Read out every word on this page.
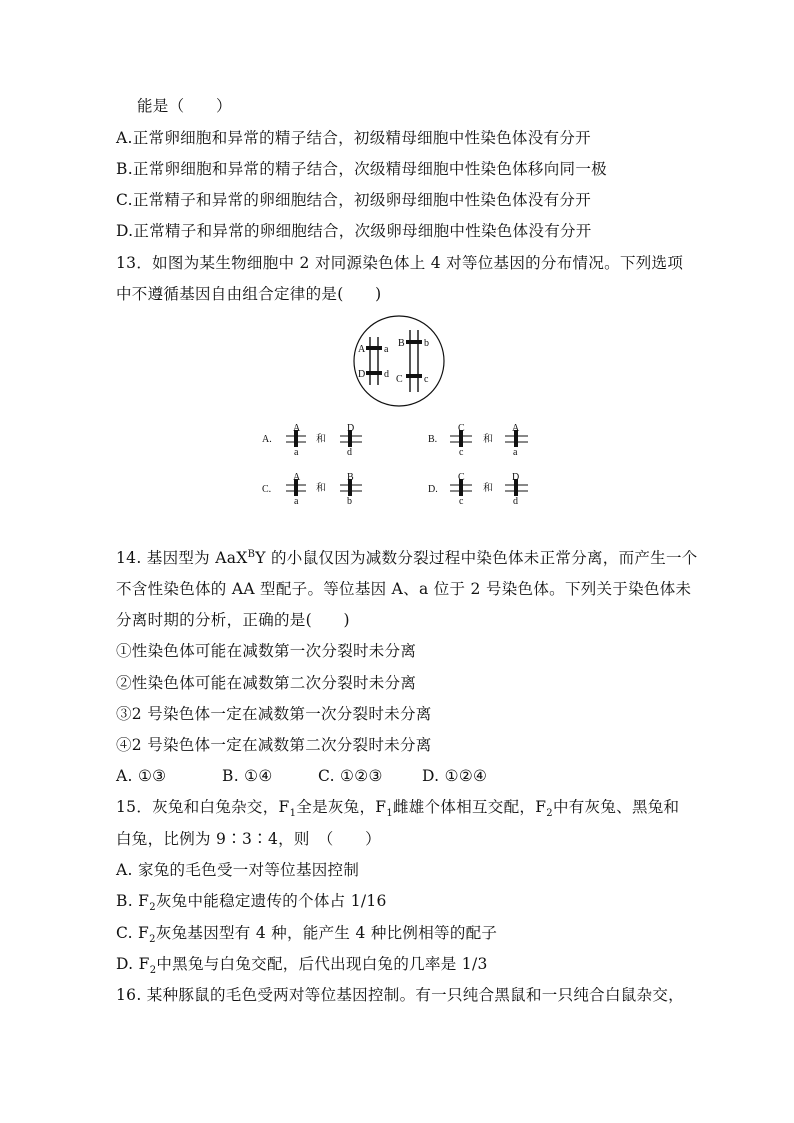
能是（　　）
A.正常卵细胞和异常的精子结合，初级精母细胞中性染色体没有分开
B.正常卵细胞和异常的精子结合，次级精母细胞中性染色体移向同一极
C.正常精子和异常的卵细胞结合，初级卵母细胞中性染色体没有分开
D.正常精子和异常的卵细胞结合，次级卵母细胞中性染色体没有分开
13．如图为某生物细胞中 2 对同源染色体上 4 对等位基因的分布情况。下列选项
中不遵循基因自由组合定律的是(　　)
A a
D d
B b
C c
A.
A
a
和
D
d
B.
C
c
和
A
a
C.
A
a
和
B
b
D.
C
c
和
D
d
14. 基因型为 AaX$^B$Y 的小鼠仅因为减数分裂过程中染色体未正常分离，而产生一个
不含性染色体的 AA 型配子。等位基因 A、a 位于 2 号染色体。下列关于染色体未
分离时期的分析，正确的是(　　)
①性染色体可能在减数第一次分裂时未分离
②性染色体可能在减数第二次分裂时未分离
③2 号染色体一定在减数第一次分裂时未分离
④2 号染色体一定在减数第二次分裂时未分离
A. ①③	B. ①④	C. ①②③	D. ①②④
15．灰兔和白兔杂交，$F_1$全是灰兔，$F_1$雌雄个体相互交配，$F_2$中有灰兔、黑兔和
白兔，比例为 9∶3∶4，则　（　　）
A. 家兔的毛色受一对等位基因控制
B. $F_2$灰兔中能稳定遗传的个体占 1/16
C. $F_2$灰兔基因型有 4 种，能产生 4 种比例相等的配子
D. $F_2$中黑兔与白兔交配，后代出现白兔的几率是 1/3
16. 某种豚鼠的毛色受两对等位基因控制。有一只纯合黑鼠和一只纯合白鼠杂交，
